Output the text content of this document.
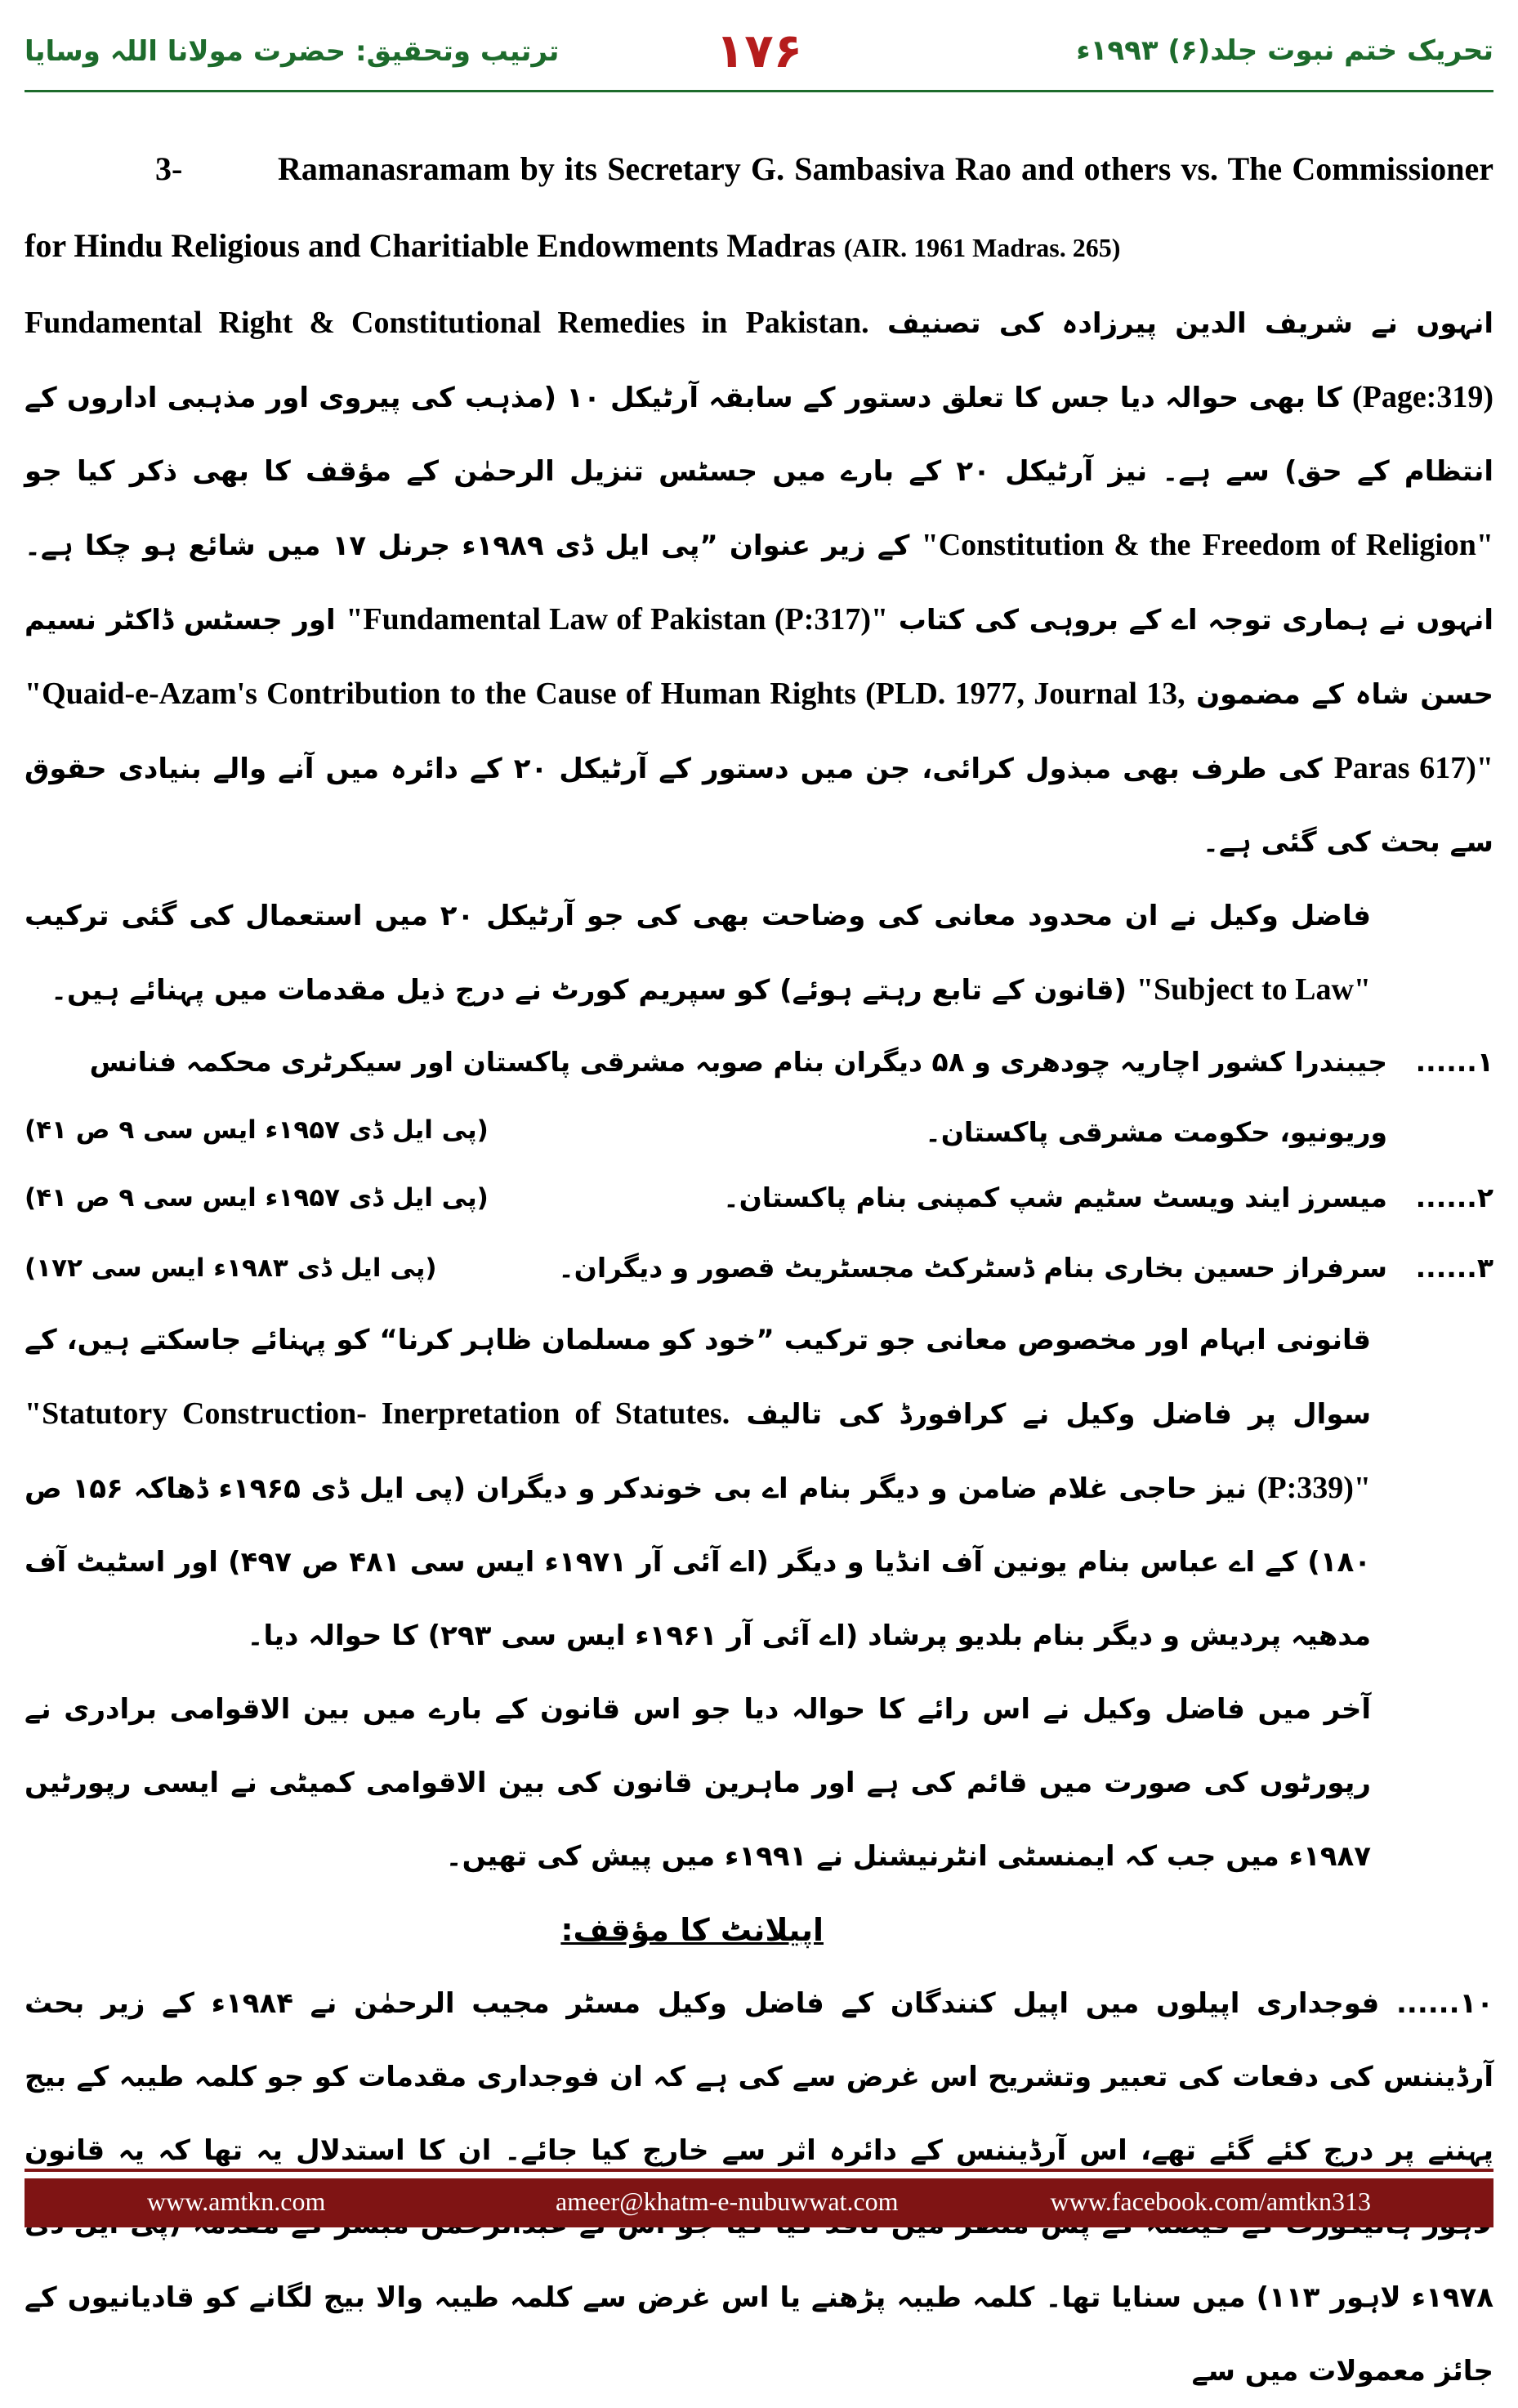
تحریک ختم نبوت جلد(۶) ۱۹۹۳ء
۱۷۶
ترتیب وتحقیق: حضرت مولانا اللہ وسایا

3-	Ramanasramam by its Secretary G. Sambasiva Rao and others vs. The Commissioner for Hindu Religious and Charitiable Endowments Madras (AIR. 1961 Madras. 265)

انہوں نے شریف الدین پیرزادہ کی تصنیف Fundamental Right & Constitutional Remedies in Pakistan. (Page:319) کا بھی حوالہ دیا جس کا تعلق دستور کے سابقہ آرٹیکل ۱۰ (مذہب کی پیروی اور مذہبی اداروں کے انتظام کے حق) سے ہے۔ نیز آرٹیکل ۲۰ کے بارے میں جسٹس تنزیل الرحمٰن کے مؤقف کا بھی ذکر کیا جو "Constitution & the Freedom of Religion" کے زیر عنوان ”پی ایل ڈی ۱۹۸۹ء جرنل ۱۷ میں شائع ہو چکا ہے۔ انہوں نے ہماری توجہ اے کے بروہی کی کتاب "Fundamental Law of Pakistan (P:317)" اور جسٹس ڈاکٹر نسیم حسن شاہ کے مضمون "Quaid-e-Azam's Contribution to the Cause of Human Rights (PLD. 1977, Journal 13, Paras 617)" کی طرف بھی مبذول کرائی، جن میں دستور کے آرٹیکل ۲۰ کے دائرہ میں آنے والے بنیادی حقوق سے بحث کی گئی ہے۔

فاضل وکیل نے ان محدود معانی کی وضاحت بھی کی جو آرٹیکل ۲۰ میں استعمال کی گئی ترکیب "Subject to Law" (قانون کے تابع رہتے ہوئے) کو سپریم کورٹ نے درج ذیل مقدمات میں پہنائے ہیں۔

۱......
جیبندرا کشور اچاریہ چودھری و ۵۸ دیگران بنام صوبہ مشرقی پاکستان اور سیکرٹری محکمہ فنانس وریونیو، حکومت مشرقی پاکستان۔

(پی ایل ڈی ۱۹۵۷ء ایس سی ۹ ص ۴۱)

۲......
میسرز ایند ویسٹ سٹیم شپ کمپنی بنام پاکستان۔
(پی ایل ڈی ۱۹۵۷ء ایس سی ۹ ص ۴۱)
۳......
سرفراز حسین بخاری بنام ڈسٹرکٹ مجسٹریٹ قصور و دیگران۔
(پی ایل ڈی ۱۹۸۳ء ایس سی ۱۷۲)

قانونی ابہام اور مخصوص معانی جو ترکیب ”خود کو مسلمان ظاہر کرنا“ کو پہنائے جاسکتے ہیں، کے سوال پر فاضل وکیل نے کرافورڈ کی تالیف "Statutory Construction- Inerpretation of Statutes. (P:339)" نیز حاجی غلام ضامن و دیگر بنام اے بی خوندکر و دیگران (پی ایل ڈی ۱۹۶۵ء ڈھاکہ ۱۵۶ ص ۱۸۰) کے اے عباس بنام یونین آف انڈیا و دیگر (اے آئی آر ۱۹۷۱ء ایس سی ۴۸۱ ص ۴۹۷) اور اسٹیٹ آف مدھیہ پردیش و دیگر بنام بلدیو پرشاد (اے آئی آر ۱۹۶۱ء ایس سی ۲۹۳) کا حوالہ دیا۔

آخر میں فاضل وکیل نے اس رائے کا حوالہ دیا جو اس قانون کے بارے میں بین الاقوامی برادری نے رپورٹوں کی صورت میں قائم کی ہے اور ماہرین قانون کی بین الاقوامی کمیٹی نے ایسی رپورٹیں ۱۹۸۷ء میں جب کہ ایمنسٹی انٹرنیشنل نے ۱۹۹۱ء میں پیش کی تھیں۔

اپیلانٹ کا مؤقف:

۱۰...... فوجداری اپیلوں میں اپیل کنندگان کے فاضل وکیل مسٹر مجیب الرحمٰن نے ۱۹۸۴ء کے زیر بحث آرڈیننس کی دفعات کی تعبیر وتشریح اس غرض سے کی ہے کہ ان فوجداری مقدمات کو جو کلمہ طیبہ کے بیج پہننے پر درج کئے گئے تھے، اس آرڈیننس کے دائرہ اثر سے خارج کیا جائے۔ ان کا استدلال یہ تھا کہ یہ قانون ۱۹۷۸ء لاہور ۱۱۳) میں سنایا تھا۔ کلمہ طیبہ پڑھنے یا اس غرض سے کلمہ طیبہ والا بیج لگانے کو قادیانیوں کے جائز معمولات میں سے

www.amtkn.com	ameer@khatm-e-nubuwwat.com	www.facebook.com/amtkn313
